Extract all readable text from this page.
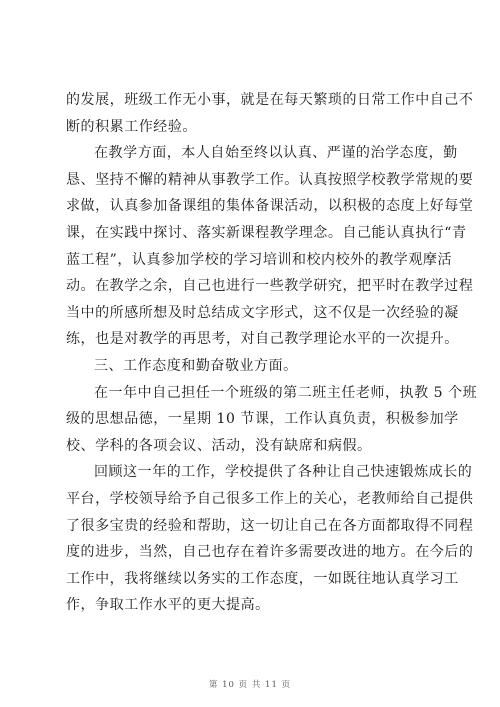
的发展，班级工作无小事，就是在每天繁琐的日常工作中自己不
断的积累工作经验。
在教学方面，本人自始至终以认真、严谨的治学态度，勤
恳、坚持不懈的精神从事教学工作。认真按照学校教学常规的要
求做，认真参加备课组的集体备课活动，以积极的态度上好每堂
课，在实践中探讨、落实新课程教学理念。自己能认真执行“青
蓝工程”，认真参加学校的学习培训和校内校外的教学观摩活
动。在教学之余，自己也进行一些教学研究，把平时在教学过程
当中的所感所想及时总结成文字形式，这不仅是一次经验的凝
练，也是对教学的再思考，对自己教学理论水平的一次提升。
三、工作态度和勤奋敬业方面。
在一年中自己担任一个班级的第二班主任老师，执教 5 个班
级的思想品德，一星期 10 节课，工作认真负责，积极参加学
校、学科的各项会议、活动，没有缺席和病假。
回顾这一年的工作，学校提供了各种让自己快速锻炼成长的
平台，学校领导给予自己很多工作上的关心，老教师给自己提供
了很多宝贵的经验和帮助，这一切让自己在各方面都取得不同程
度的进步，当然，自己也存在着许多需要改进的地方。在今后的
工作中，我将继续以务实的工作态度，一如既往地认真学习工
作，争取工作水平的更大提高。
第 10 页 共 11 页
